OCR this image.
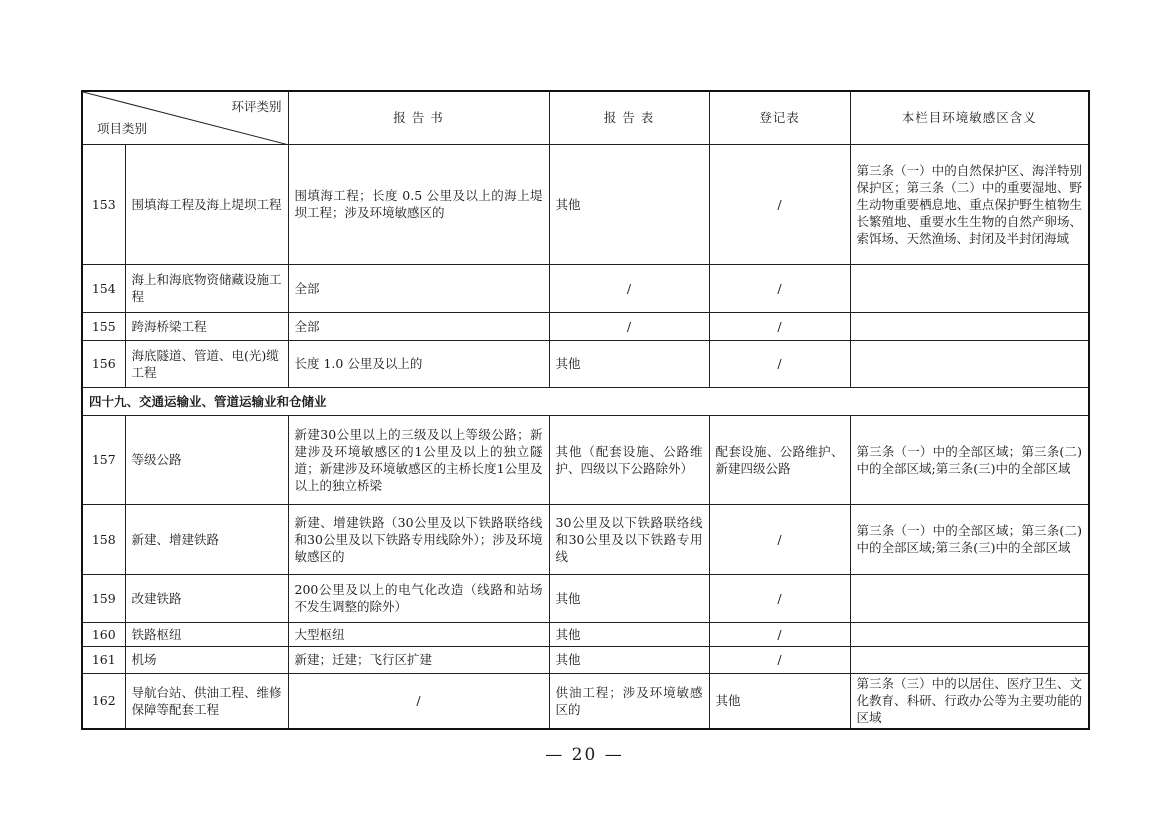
环评类别
项目类别		报 告 书	报 告 表	登记表	本栏目环境敏感区含义
153	围填海工程及海上堤坝工程	围填海工程；长度 0.5 公里及以上的海上堤坝工程；涉及环境敏感区的	其他	/	第三条（一）中的自然保护区、海洋特别保护区；第三条（二）中的重要湿地、野生动物重要栖息地、重点保护野生植物生长繁殖地、重要水生生物的自然产卵场、索饵场、天然渔场、封闭及半封闭海域
154	海上和海底物资储藏设施工程	全部	/	/	
155	跨海桥梁工程	全部	/	/	
156	海底隧道、管道、电(光)缆工程	长度 1.0 公里及以上的	其他	/	
四十九、交通运输业、管道运输业和仓储业					
157	等级公路	新建30公里以上的三级及以上等级公路；新建涉及环境敏感区的1公里及以上的独立隧道；新建涉及环境敏感区的主桥长度1公里及以上的独立桥梁	其他（配套设施、公路维护、四级以下公路除外）	配套设施、公路维护、新建四级公路	第三条（一）中的全部区域；第三条(二)中的全部区域;第三条(三)中的全部区域
158	新建、增建铁路	新建、增建铁路（30公里及以下铁路联络线和30公里及以下铁路专用线除外）；涉及环境敏感区的	30公里及以下铁路联络线和30公里及以下铁路专用线	/	第三条（一）中的全部区域；第三条(二)中的全部区域;第三条(三)中的全部区域
159	改建铁路	200公里及以上的电气化改造（线路和站场不发生调整的除外）	其他	/	
160	铁路枢纽	大型枢纽	其他	/	
161	机场	新建；迁建；飞行区扩建	其他	/	
162	导航台站、供油工程、维修保障等配套工程	/	供油工程；涉及环境敏感区的	其他	第三条（三）中的以居住、医疗卫生、文化教育、科研、行政办公等为主要功能的区域
— 20 —
